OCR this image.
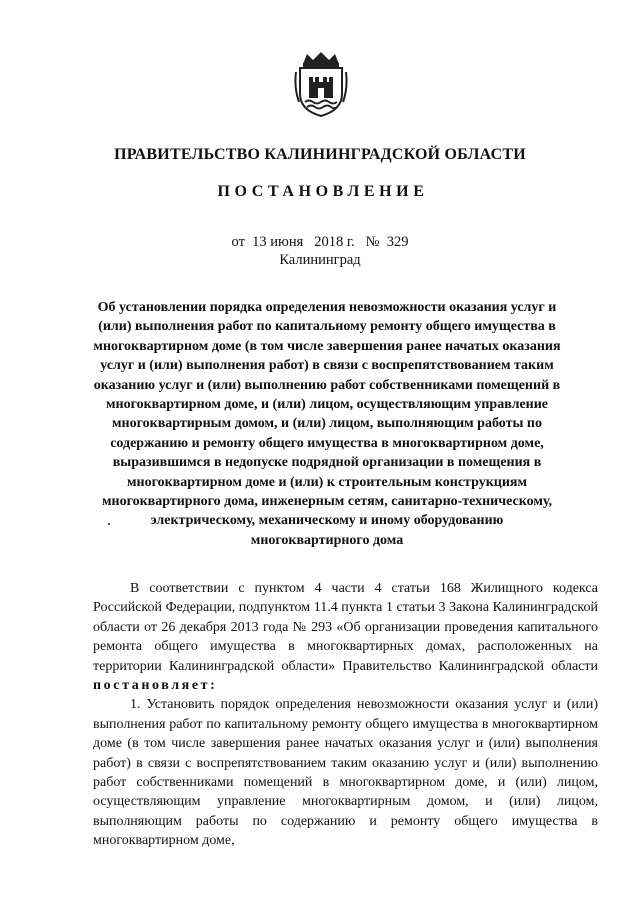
ПРАВИТЕЛЬСТВО КАЛИНИНГРАДСКОЙ ОБЛАСТИ
ПОСТАНОВЛЕНИЕ
от 13 июня 2018 г. № 329
Калининград
Об установлении порядка определения невозможности оказания услуг и (или) выполнения работ по капитальному ремонту общего имущества в многоквартирном доме (в том числе завершения ранее начатых оказания услуг и (или) выполнения работ) в связи с воспрепятствованием таким оказанию услуг и (или) выполнению работ собственниками помещений в многоквартирном доме, и (или) лицом, осуществляющим управление многоквартирным домом, и (или) лицом, выполняющим работы по содержанию и ремонту общего имущества в многоквартирном доме, выразившимся в недопуске подрядной организации в помещения в многоквартирном доме и (или) к строительным конструкциям многоквартирного дома, инженерным сетям, санитарно-техническому, электрическому, механическому и иному оборудованию многоквартирного дома

В соответствии с пунктом 4 части 4 статьи 168 Жилищного кодекса Российской Федерации, подпунктом 11.4 пункта 1 статьи 3 Закона Калининградской области от 26 декабря 2013 года № 293 «Об организации проведения капитального ремонта общего имущества в многоквартирных домах, расположенных на территории Калининградской области» Правительство Калининградской области постановляет:

1. Установить порядок определения невозможности оказания услуг и (или) выполнения работ по капитальному ремонту общего имущества в многоквартирном доме (в том числе завершения ранее начатых оказания услуг и (или) выполнения работ) в связи с воспрепятствованием таким оказанию услуг и (или) выполнению работ собственниками помещений в многоквартирном доме, и (или) лицом, осуществляющим управление многоквартирным домом, и (или) лицом, выполняющим работы по содержанию и ремонту общего имущества в многоквартирном доме,
